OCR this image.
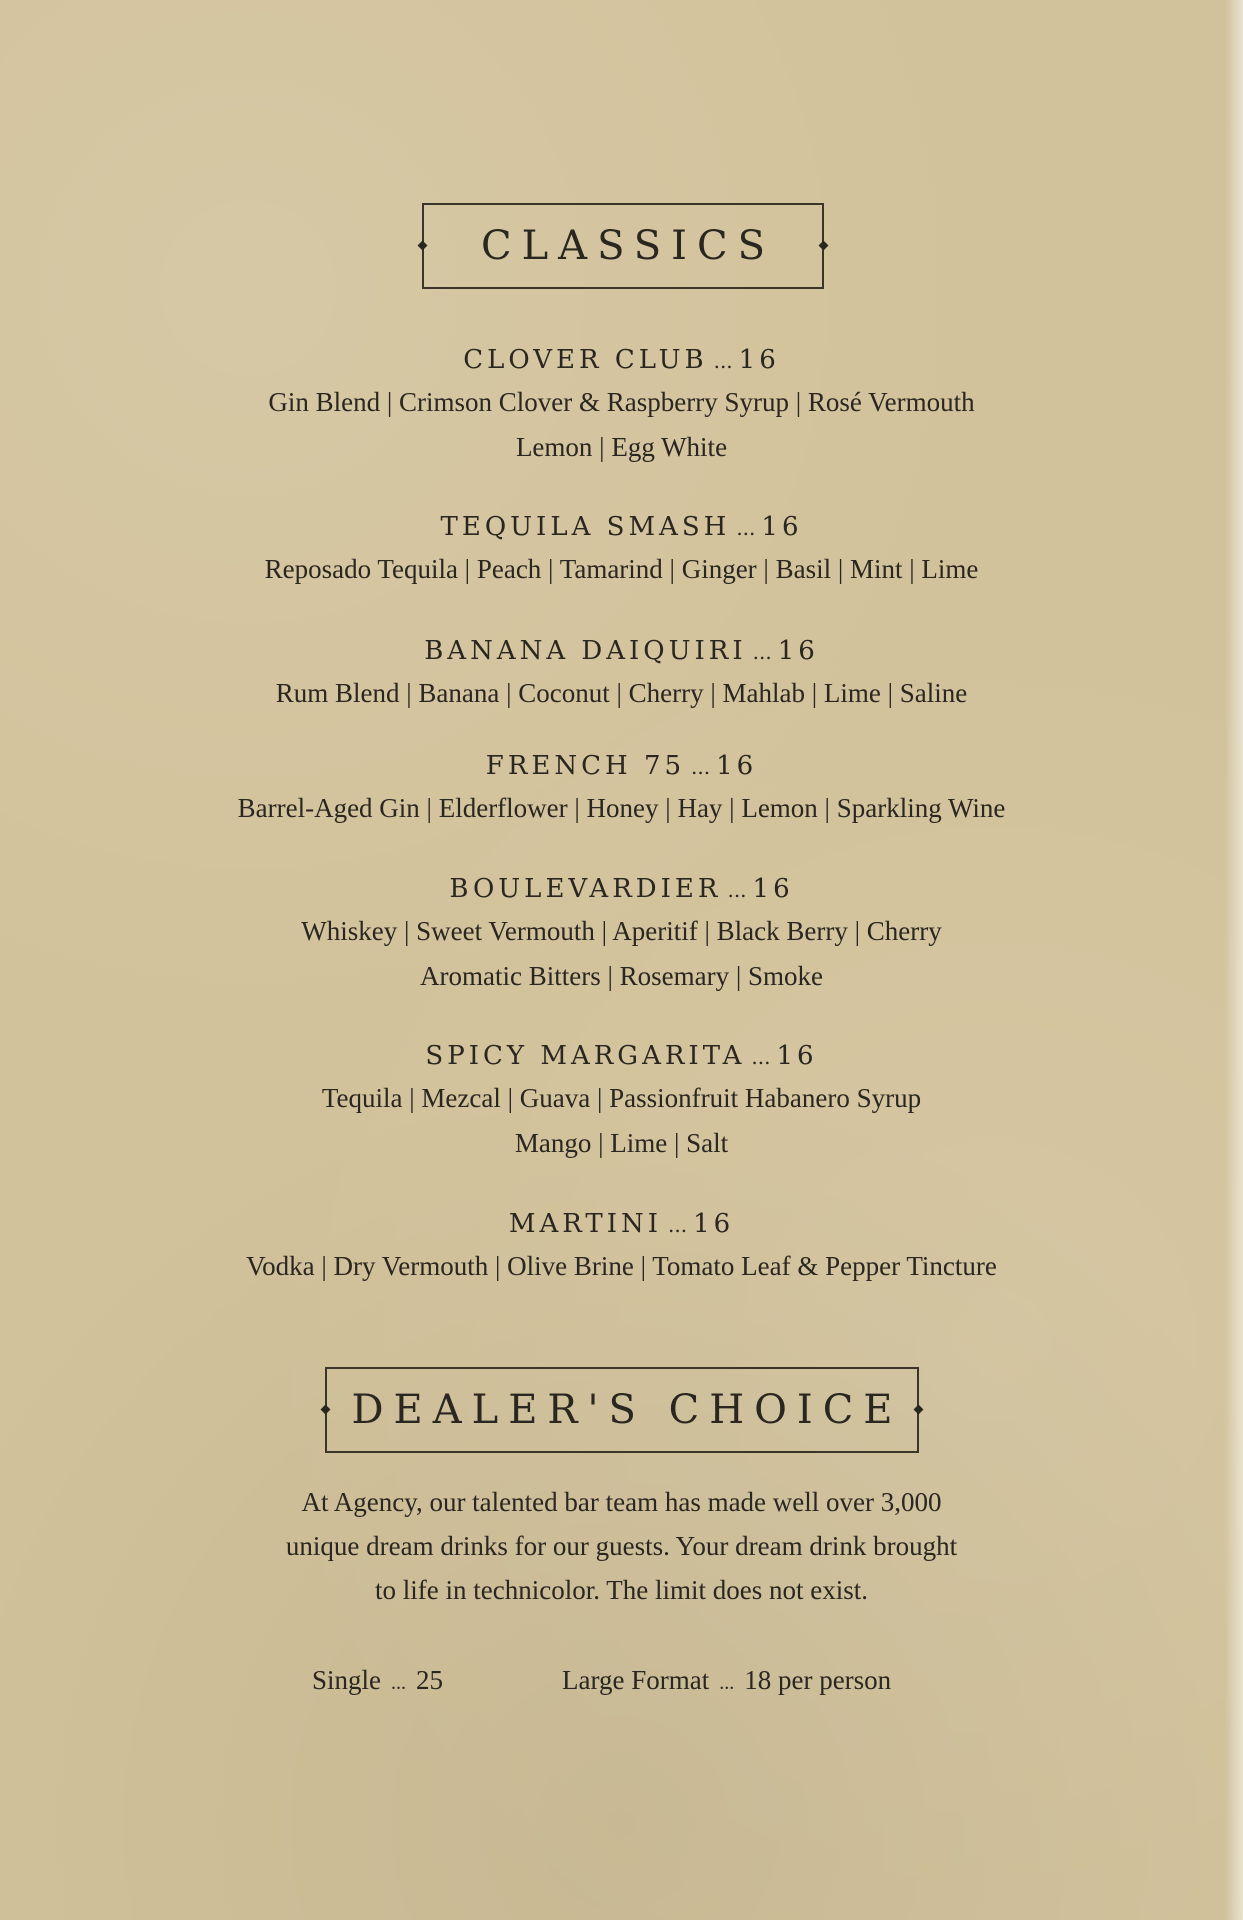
CLASSICS
CLOVER CLUB ... 16
Gin Blend | Crimson Clover & Raspberry Syrup | Rosé Vermouth
Lemon | Egg White
TEQUILA SMASH ... 16
Reposado Tequila | Peach | Tamarind | Ginger | Basil | Mint | Lime
BANANA DAIQUIRI ... 16
Rum Blend | Banana | Coconut | Cherry | Mahlab | Lime | Saline
FRENCH 75 ... 16
Barrel-Aged Gin | Elderflower | Honey | Hay | Lemon | Sparkling Wine
BOULEVARDIER ... 16
Whiskey | Sweet Vermouth | Aperitif | Black Berry | Cherry
Aromatic Bitters | Rosemary | Smoke
SPICY MARGARITA ... 16
Tequila | Mezcal | Guava | Passionfruit Habanero Syrup
Mango | Lime | Salt
MARTINI ... 16
Vodka | Dry Vermouth | Olive Brine | Tomato Leaf & Pepper Tincture
DEALER'S CHOICE
At Agency, our talented bar team has made well over 3,000
unique dream drinks for our guests. Your dream drink brought
to life in technicolor. The limit does not exist.
Single ... 25	Large Format ... 18 per person
